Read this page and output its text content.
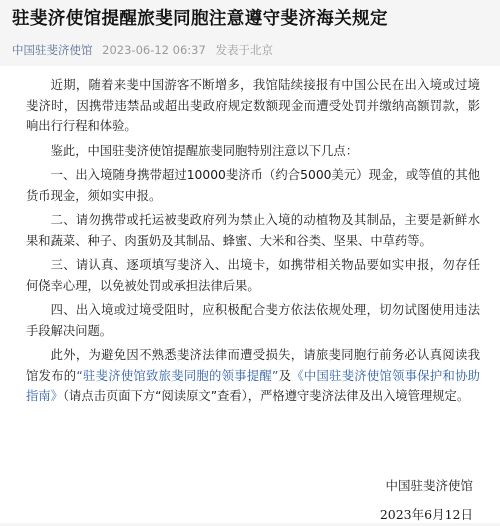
驻斐济使馆提醒旅斐同胞注意遵守斐济海关规定
中国驻斐济使馆 2023-06-12 06:37 发表于北京

近期，随着来斐中国游客不断增多，我馆陆续接报有中国公民在出入境或过境斐济时，因携带违禁品或超出斐政府规定数额现金而遭受处罚并缴纳高额罚款，影响出行行程和体验。

鉴此，中国驻斐济使馆提醒旅斐同胞特别注意以下几点：

一、出入境随身携带超过10000斐济币（约合5000美元）现金，或等值的其他货币现金，须如实申报。

二、请勿携带或托运被斐政府列为禁止入境的动植物及其制品，主要是新鲜水果和蔬菜、种子、肉蛋奶及其制品、蜂蜜、大米和谷类、坚果、中草药等。

三、请认真、逐项填写斐济入、出境卡，如携带相关物品要如实申报，勿存任何侥幸心理，以免被处罚或承担法律后果。

四、出入境或过境受阻时，应积极配合斐方依法依规处理，切勿试图使用违法手段解决问题。

此外，为避免因不熟悉斐济法律而遭受损失，请旅斐同胞行前务必认真阅读我馆发布的“驻斐济使馆致旅斐同胞的领事提醒”及《中国驻斐济使馆领事保护和协助指南》（请点击页面下方“阅读原文”查看），严格遵守斐济法律及出入境管理规定。

中国驻斐济使馆
2023年6月12日
